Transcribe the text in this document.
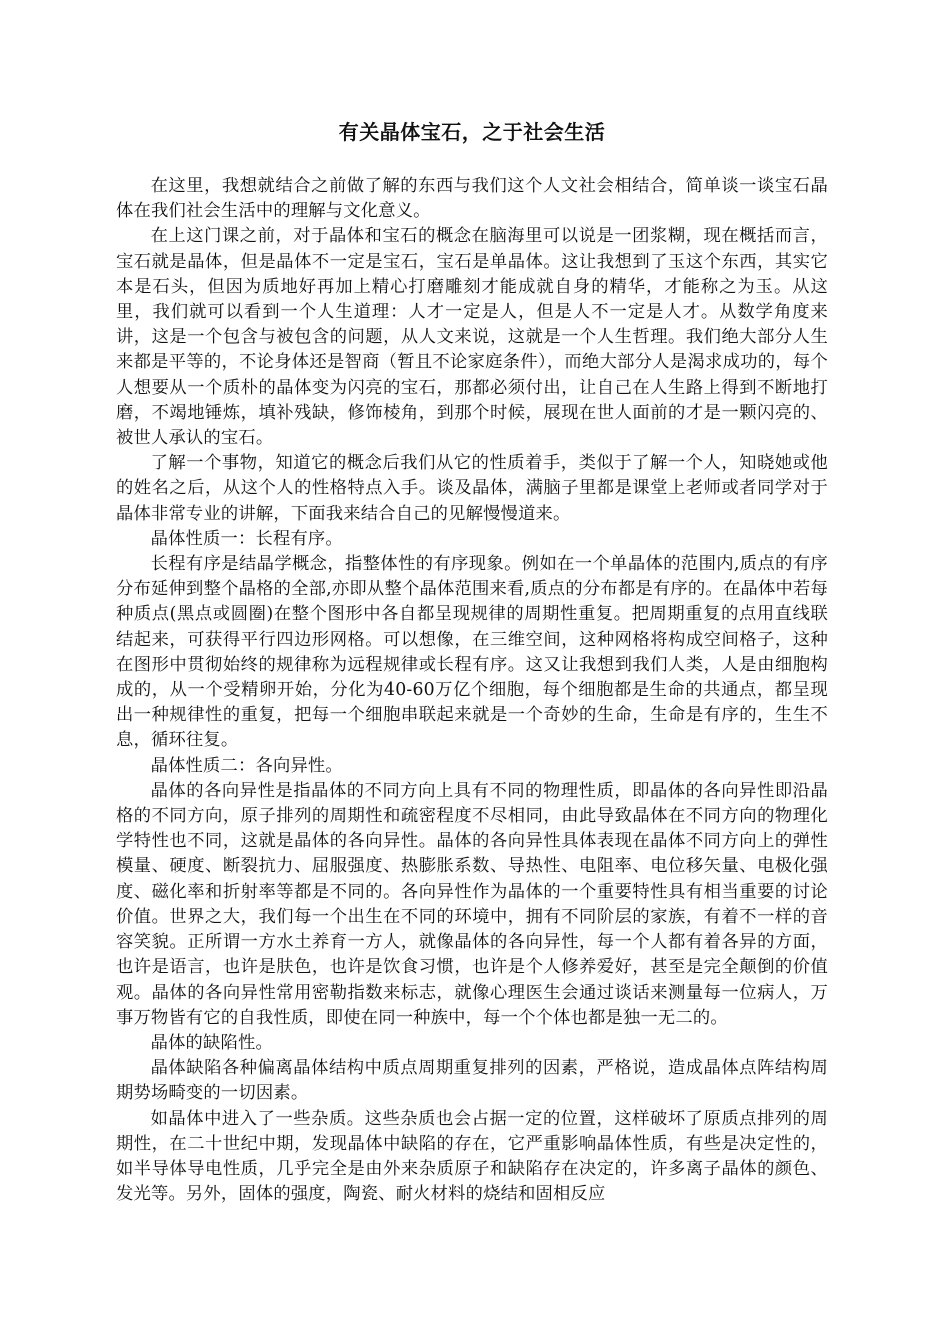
有关晶体宝石，之于社会生活

在这里，我想就结合之前做了解的东西与我们这个人文社会相结合，简单谈一谈宝石晶体在我们社会生活中的理解与文化意义。

在上这门课之前，对于晶体和宝石的概念在脑海里可以说是一团浆糊，现在概括而言，宝石就是晶体，但是晶体不一定是宝石，宝石是单晶体。这让我想到了玉这个东西，其实它本是石头，但因为质地好再加上精心打磨雕刻才能成就自身的精华，才能称之为玉。从这里，我们就可以看到一个人生道理：人才一定是人，但是人不一定是人才。从数学角度来讲，这是一个包含与被包含的问题，从人文来说，这就是一个人生哲理。我们绝大部分人生来都是平等的，不论身体还是智商（暂且不论家庭条件），而绝大部分人是渴求成功的，每个人想要从一个质朴的晶体变为闪亮的宝石，那都必须付出，让自己在人生路上得到不断地打磨，不竭地锤炼，填补残缺，修饰棱角，到那个时候，展现在世人面前的才是一颗闪亮的、被世人承认的宝石。

了解一个事物，知道它的概念后我们从它的性质着手，类似于了解一个人，知晓她或他的姓名之后，从这个人的性格特点入手。谈及晶体，满脑子里都是课堂上老师或者同学对于晶体非常专业的讲解，下面我来结合自己的见解慢慢道来。

晶体性质一：长程有序。

长程有序是结晶学概念，指整体性的有序现象。例如在一个单晶体的范围内,质点的有序分布延伸到整个晶格的全部,亦即从整个晶体范围来看,质点的分布都是有序的。在晶体中若每种质点(黑点或圆圈)在整个图形中各自都呈现规律的周期性重复。把周期重复的点用直线联结起来，可获得平行四边形网格。可以想像，在三维空间，这种网格将构成空间格子，这种在图形中贯彻始终的规律称为远程规律或长程有序。这又让我想到我们人类，人是由细胞构成的，从一个受精卵开始，分化为40-60万亿个细胞，每个细胞都是生命的共通点，都呈现出一种规律性的重复，把每一个细胞串联起来就是一个奇妙的生命，生命是有序的，生生不息，循环往复。

晶体性质二：各向异性。

晶体的各向异性是指晶体的不同方向上具有不同的物理性质，即晶体的各向异性即沿晶格的不同方向，原子排列的周期性和疏密程度不尽相同，由此导致晶体在不同方向的物理化学特性也不同，这就是晶体的各向异性。晶体的各向异性具体表现在晶体不同方向上的弹性模量、硬度、断裂抗力、屈服强度、热膨胀系数、导热性、电阻率、电位移矢量、电极化强度、磁化率和折射率等都是不同的。各向异性作为晶体的一个重要特性具有相当重要的讨论价值。世界之大，我们每一个出生在不同的环境中，拥有不同阶层的家族，有着不一样的音容笑貌。正所谓一方水土养育一方人，就像晶体的各向异性，每一个人都有着各异的方面，也许是语言，也许是肤色，也许是饮食习惯，也许是个人修养爱好，甚至是完全颠倒的价值观。晶体的各向异性常用密勒指数来标志，就像心理医生会通过谈话来测量每一位病人，万事万物皆有它的自我性质，即使在同一种族中，每一个个体也都是独一无二的。

晶体的缺陷性。

晶体缺陷各种偏离晶体结构中质点周期重复排列的因素，严格说，造成晶体点阵结构周期势场畸变的一切因素。

如晶体中进入了一些杂质。这些杂质也会占据一定的位置，这样破坏了原质点排列的周期性，在二十世纪中期，发现晶体中缺陷的存在，它严重影响晶体性质，有些是决定性的，如半导体导电性质，几乎完全是由外来杂质原子和缺陷存在决定的，许多离子晶体的颜色、发光等。另外，固体的强度，陶瓷、耐火材料的烧结和固相反应
